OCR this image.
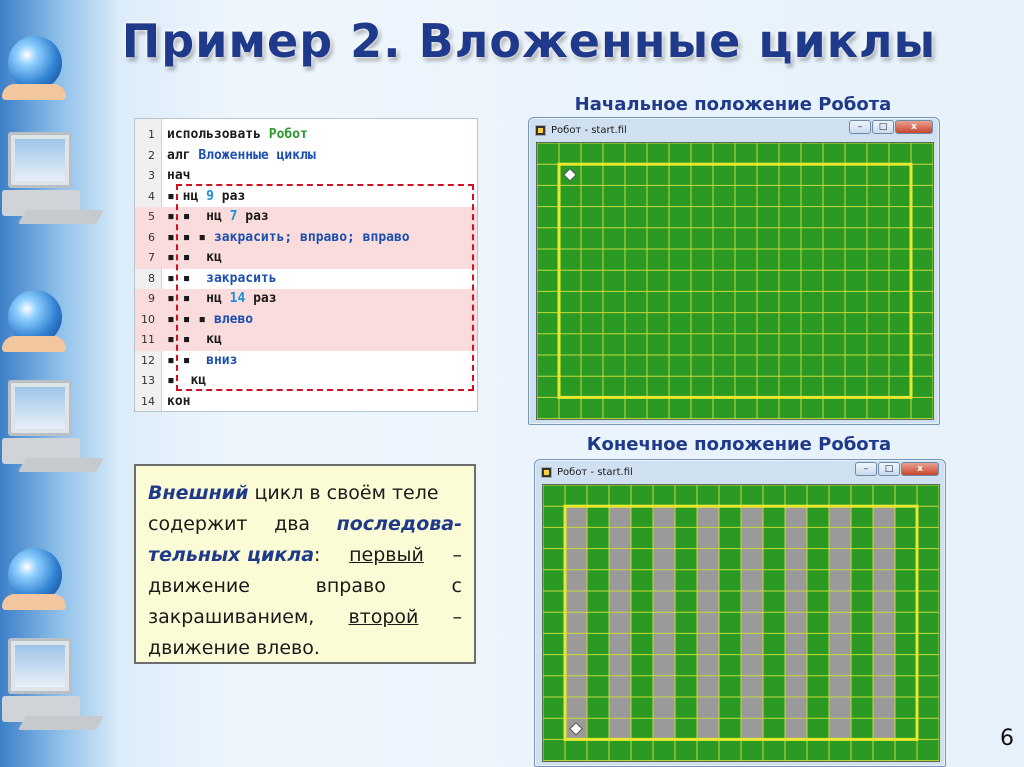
Пример 2. Вложенные циклы
1 использовать Робот
2 алг Вложенные циклы
3 нач
4 ▪ нц 9 раз
5 ▪ ▪  нц 7 раз
6 ▪ ▪ ▪ закрасить; вправо; вправо
7 ▪ ▪  кц
8 ▪ ▪  закрасить
9 ▪ ▪  нц 14 раз
10 ▪ ▪ ▪ влево
11 ▪ ▪  кц
12 ▪ ▪  вниз
13 ▪  кц
14 кон
Внешний цикл в своём теле
содержит два последова-
тельных цикла: первый –
движение	вправо	с
закрашиванием, второй –
движение влево.
Начальное положение Робота
Робот - start.fil	–	□	x
Конечное положение Робота
Робот - start.fil	–	□	x
6
